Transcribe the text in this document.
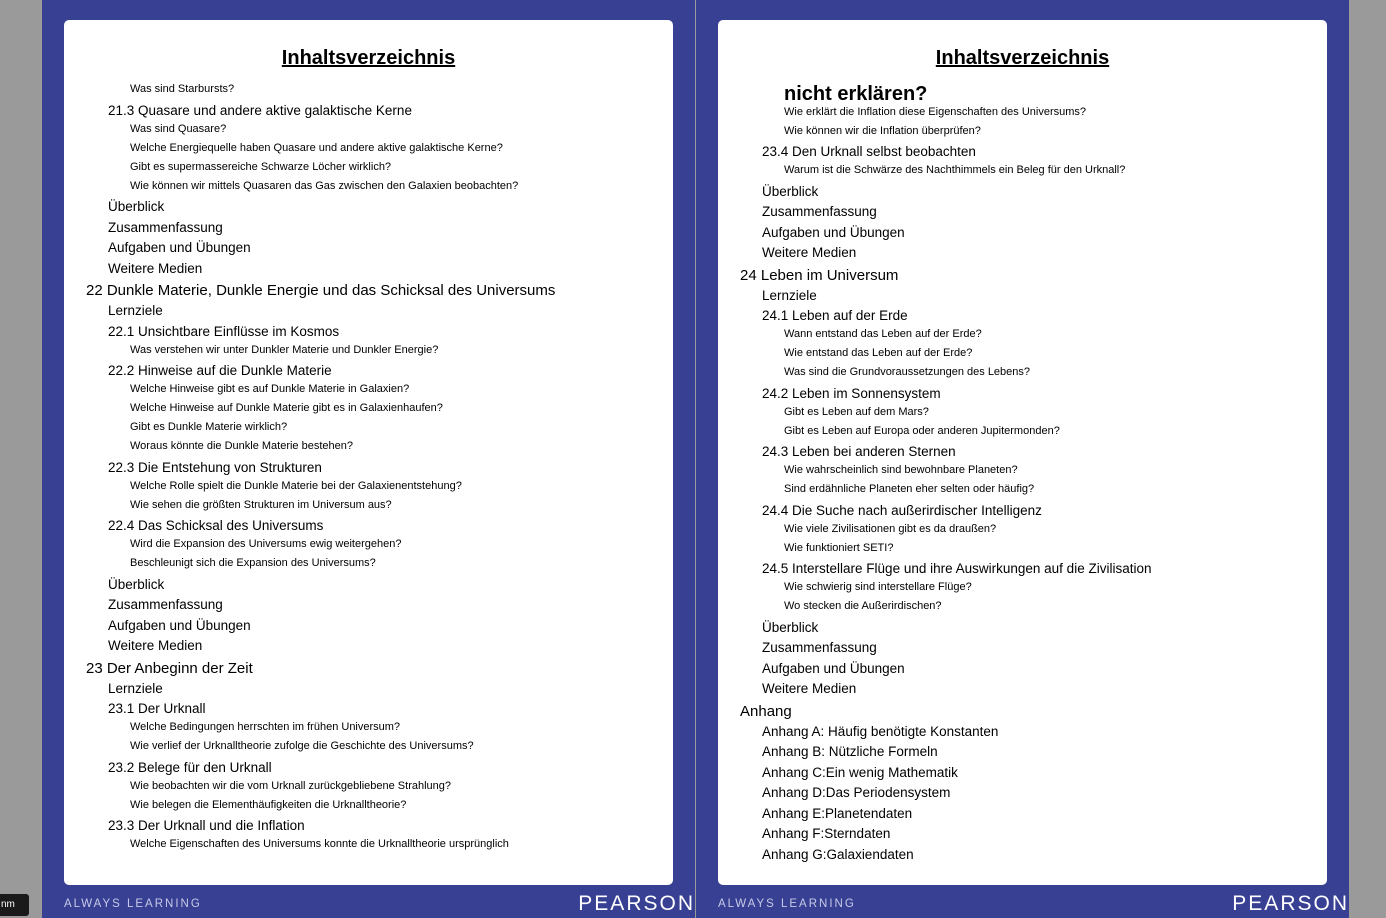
Inhaltsverzeichnis
Was sind Starbursts?
21.3 Quasare und andere aktive galaktische Kerne
Was sind Quasare?
Welche Energiequelle haben Quasare und andere aktive galaktische Kerne?
Gibt es supermassereiche Schwarze Löcher wirklich?
Wie können wir mittels Quasaren das Gas zwischen den Galaxien beobachten?
Überblick
Zusammenfassung
Aufgaben und Übungen
Weitere Medien
22 Dunkle Materie, Dunkle Energie und das Schicksal des Universums
Lernziele
22.1 Unsichtbare Einflüsse im Kosmos
Was verstehen wir unter Dunkler Materie und Dunkler Energie?
22.2 Hinweise auf die Dunkle Materie
Welche Hinweise gibt es auf Dunkle Materie in Galaxien?
Welche Hinweise auf Dunkle Materie gibt es in Galaxienhaufen?
Gibt es Dunkle Materie wirklich?
Woraus könnte die Dunkle Materie bestehen?
22.3 Die Entstehung von Strukturen
Welche Rolle spielt die Dunkle Materie bei der Galaxienentstehung?
Wie sehen die größten Strukturen im Universum aus?
22.4 Das Schicksal des Universums
Wird die Expansion des Universums ewig weitergehen?
Beschleunigt sich die Expansion des Universums?
Überblick
Zusammenfassung
Aufgaben und Übungen
Weitere Medien
23 Der Anbeginn der Zeit
Lernziele
23.1 Der Urknall
Welche Bedingungen herrschten im frühen Universum?
Wie verlief der Urknalltheorie zufolge die Geschichte des Universums?
23.2 Belege für den Urknall
Wie beobachten wir die vom Urknall zurückgebliebene Strahlung?
Wie belegen die Elementhäufigkeiten die Urknalltheorie?
23.3 Der Urknall und die Inflation
Welche Eigenschaften des Universums konnte die Urknalltheorie ursprünglich
ALWAYS LEARNING	PEARSON
Inhaltsverzeichnis
nicht erklären?
Wie erklärt die Inflation diese Eigenschaften des Universums?
Wie können wir die Inflation überprüfen?
23.4 Den Urknall selbst beobachten
Warum ist die Schwärze des Nachthimmels ein Beleg für den Urknall?
Überblick
Zusammenfassung
Aufgaben und Übungen
Weitere Medien
24 Leben im Universum
Lernziele
24.1 Leben auf der Erde
Wann entstand das Leben auf der Erde?
Wie entstand das Leben auf der Erde?
Was sind die Grundvoraussetzungen des Lebens?
24.2 Leben im Sonnensystem
Gibt es Leben auf dem Mars?
Gibt es Leben auf Europa oder anderen Jupitermonden?
24.3 Leben bei anderen Sternen
Wie wahrscheinlich sind bewohnbare Planeten?
Sind erdähnliche Planeten eher selten oder häufig?
24.4 Die Suche nach außerirdischer Intelligenz
Wie viele Zivilisationen gibt es da draußen?
Wie funktioniert SETI?
24.5 Interstellare Flüge und ihre Auswirkungen auf die Zivilisation
Wie schwierig sind interstellare Flüge?
Wo stecken die Außerirdischen?
Überblick
Zusammenfassung
Aufgaben und Übungen
Weitere Medien
Anhang
Anhang A: Häufig benötigte Konstanten
Anhang B: Nützliche Formeln
Anhang C:Ein wenig Mathematik
Anhang D:Das Periodensystem
Anhang E:Planetendaten
Anhang F:Sterndaten
Anhang G:Galaxiendaten
ALWAYS LEARNING	PEARSON
nm
